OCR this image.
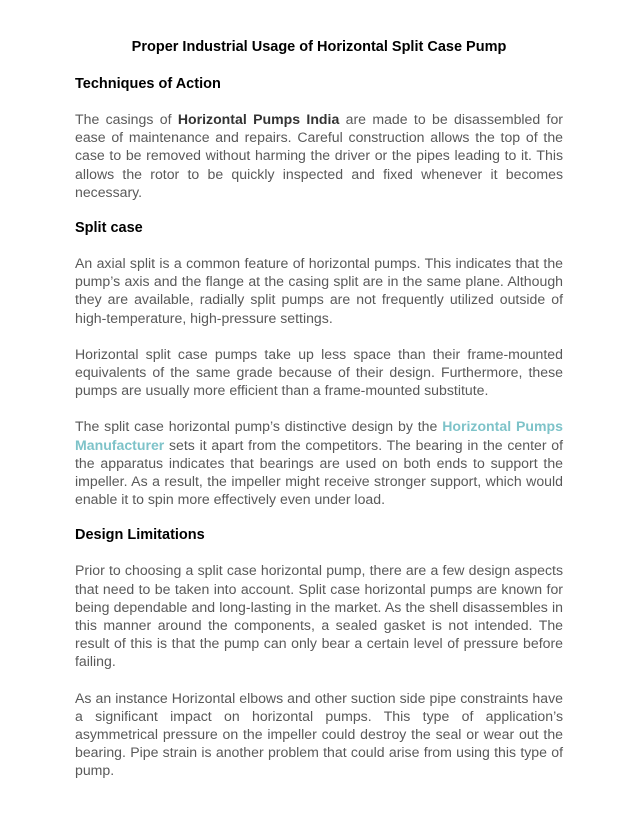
Proper Industrial Usage of Horizontal Split Case Pump
Techniques of Action

The casings of Horizontal Pumps India are made to be disassembled for ease of maintenance and repairs. Careful construction allows the top of the case to be removed without harming the driver or the pipes leading to it. This allows the rotor to be quickly inspected and fixed whenever it becomes necessary.

Split case

An axial split is a common feature of horizontal pumps. This indicates that the pump’s axis and the flange at the casing split are in the same plane. Although they are available, radially split pumps are not frequently utilized outside of high-temperature, high-pressure settings.

Horizontal split case pumps take up less space than their frame-mounted equivalents of the same grade because of their design. Furthermore, these pumps are usually more efficient than a frame-mounted substitute.

The split case horizontal pump’s distinctive design by the Horizontal Pumps Manufacturer sets it apart from the competitors. The bearing in the center of the apparatus indicates that bearings are used on both ends to support the impeller. As a result, the impeller might receive stronger support, which would enable it to spin more effectively even under load.

Design Limitations

Prior to choosing a split case horizontal pump, there are a few design aspects that need to be taken into account. Split case horizontal pumps are known for being dependable and long-lasting in the market. As the shell disassembles in this manner around the components, a sealed gasket is not intended. The result of this is that the pump can only bear a certain level of pressure before failing.

As an instance Horizontal elbows and other suction side pipe constraints have a significant impact on horizontal pumps. This type of application’s asymmetrical pressure on the impeller could destroy the seal or wear out the bearing. Pipe strain is another problem that could arise from using this type of pump.
